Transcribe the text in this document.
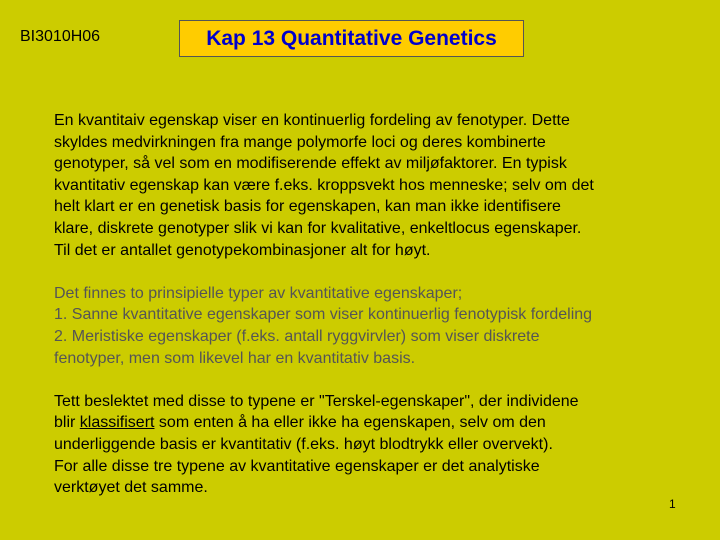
BI3010H06	Kap 13 Quantitative Genetics

En kvantitaiv egenskap viser en kontinuerlig fordeling av fenotyper. Dette
skyldes medvirkningen fra mange polymorfe loci og deres kombinerte
genotyper, så vel som en modifiserende effekt av miljøfaktorer. En typisk
kvantitativ egenskap kan være f.eks. kroppsvekt hos menneske; selv om det
helt klart er en genetisk basis for egenskapen, kan man ikke identifisere
klare, diskrete genotyper slik vi kan for kvalitative, enkeltlocus egenskaper.
Til det er antallet genotypekombinasjoner alt for høyt.

Det finnes to prinsipielle typer av kvantitative egenskaper;
1. Sanne kvantitative egenskaper som viser kontinuerlig fenotypisk fordeling
2. Meristiske egenskaper (f.eks. antall ryggvirvler) som viser diskrete
fenotyper, men som likevel har en kvantitativ basis.

Tett beslektet med disse to typene er "Terskel-egenskaper", der individene
blir klassifisert som enten å ha eller ikke ha egenskapen, selv om den
underliggende basis er kvantitativ (f.eks. høyt blodtrykk eller overvekt).
For alle disse tre typene av kvantitative egenskaper er det analytiske
verktøyet det samme.

1
